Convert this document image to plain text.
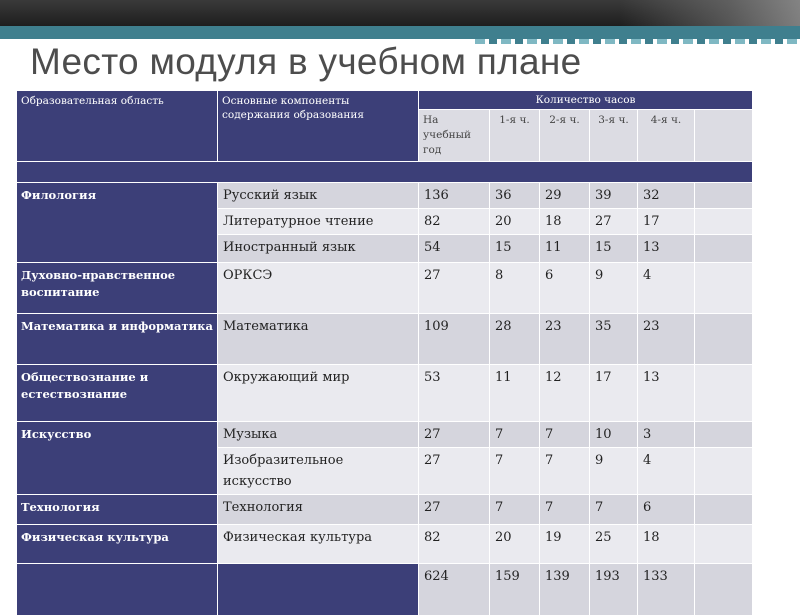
Место модуля в учебном плане
Образовательная область	Основные компоненты содержания образования	Количество часов					
		На учебный год	1-я ч.	2-я ч.	3-я ч.	4-я ч.	

Филология	Русский язык	136	36	29	39	32	
	Литературное чтение	82	20	18	27	17	
	Иностранный язык	54	15	11	15	13	
Духовно-нравственное воспитание	ОРКСЭ	27	8	6	9	4	
Математика и информатика	Математика	109	28	23	35	23	
Обществознание и естествознание	Окружающий мир	53	11	12	17	13	
Искусство	Музыка	27	7	7	10	3	
	Изобразительное искусство	27	7	7	9	4	
Технология	Технология	27	7	7	7	6	
Физическая культура	Физическая культура	82	20	19	25	18	
		624	159	139	193	133	
